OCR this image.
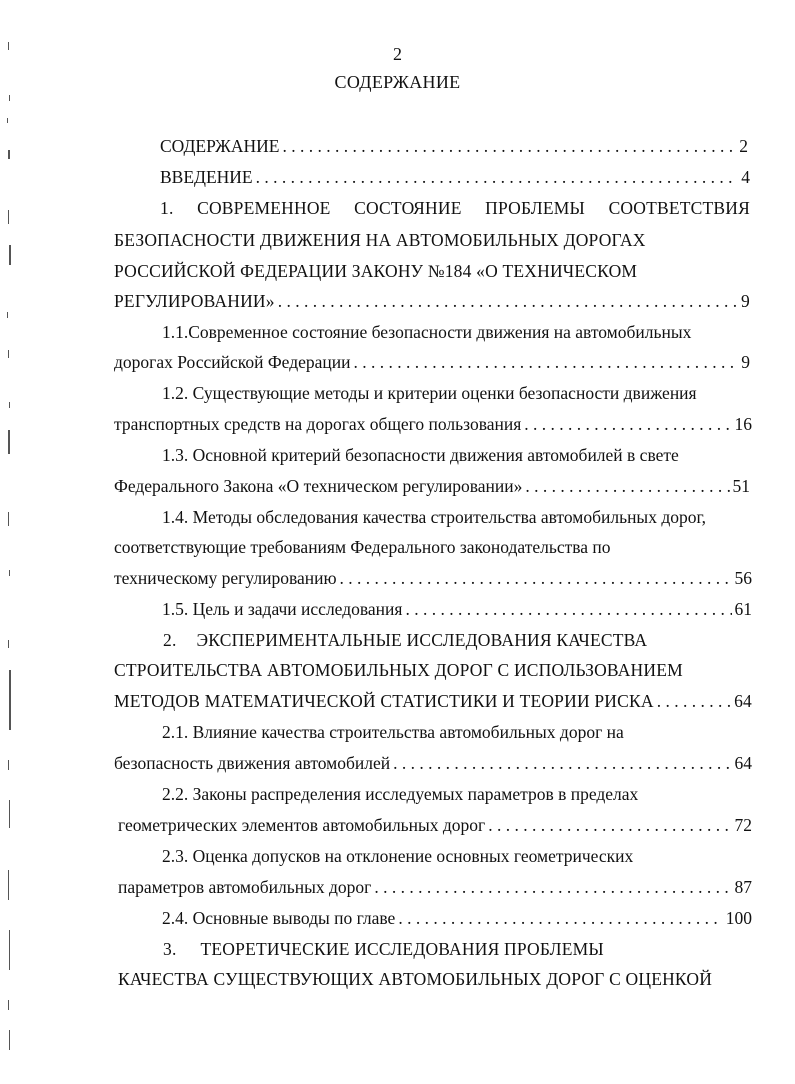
2
СОДЕРЖАНИЕ
СОДЕРЖАНИЕ . . .	2
ВВЕДЕНИЕ . . .	4
1. СОВРЕМЕННОЕ СОСТОЯНИЕ ПРОБЛЕМЫ СООТВЕТСТВИЯ
БЕЗОПАСНОСТИ ДВИЖЕНИЯ НА АВТОМОБИЛЬНЫХ ДОРОГАХ
РОССИЙСКОЙ ФЕДЕРАЦИИ ЗАКОНУ №184 «О ТЕХНИЧЕСКОМ
РЕГУЛИРОВАНИИ» . . .	9
1.1.Современное состояние безопасности движения на автомобильных
дорогах Российской Федерации . . .	9
1.2. Существующие методы и критерии оценки безопасности движения
транспортных средств на дорогах общего пользования . . .	16
1.3. Основной критерий безопасности движения автомобилей в свете
Федерального Закона «О техническом регулировании» . . .	51
1.4. Методы обследования качества строительства автомобильных дорог,
соответствующие требованиям Федерального законодательства по
техническому регулированию . . .	56
1.5. Цель и задачи исследования . . .	61
2. ЭКСПЕРИМЕНТАЛЬНЫЕ ИССЛЕДОВАНИЯ КАЧЕСТВА
СТРОИТЕЛЬСТВА АВТОМОБИЛЬНЫХ ДОРОГ С ИСПОЛЬЗОВАНИЕМ
МЕТОДОВ МАТЕМАТИЧЕСКОЙ СТАТИСТИКИ И ТЕОРИИ РИСКА . . .	64
2.1. Влияние качества строительства автомобильных дорог на
безопасность движения автомобилей . . .	64
2.2. Законы распределения исследуемых параметров в пределах
геометрических элементов автомобильных дорог . . .	72
2.3. Оценка допусков на отклонение основных геометрических
параметров автомобильных дорог . . .	87
2.4. Основные выводы по главе . . .	100
3. ТЕОРЕТИЧЕСКИЕ ИССЛЕДОВАНИЯ ПРОБЛЕМЫ
КАЧЕСТВА СУЩЕСТВУЮЩИХ АВТОМОБИЛЬНЫХ ДОРОГ С ОЦЕНКОЙ
